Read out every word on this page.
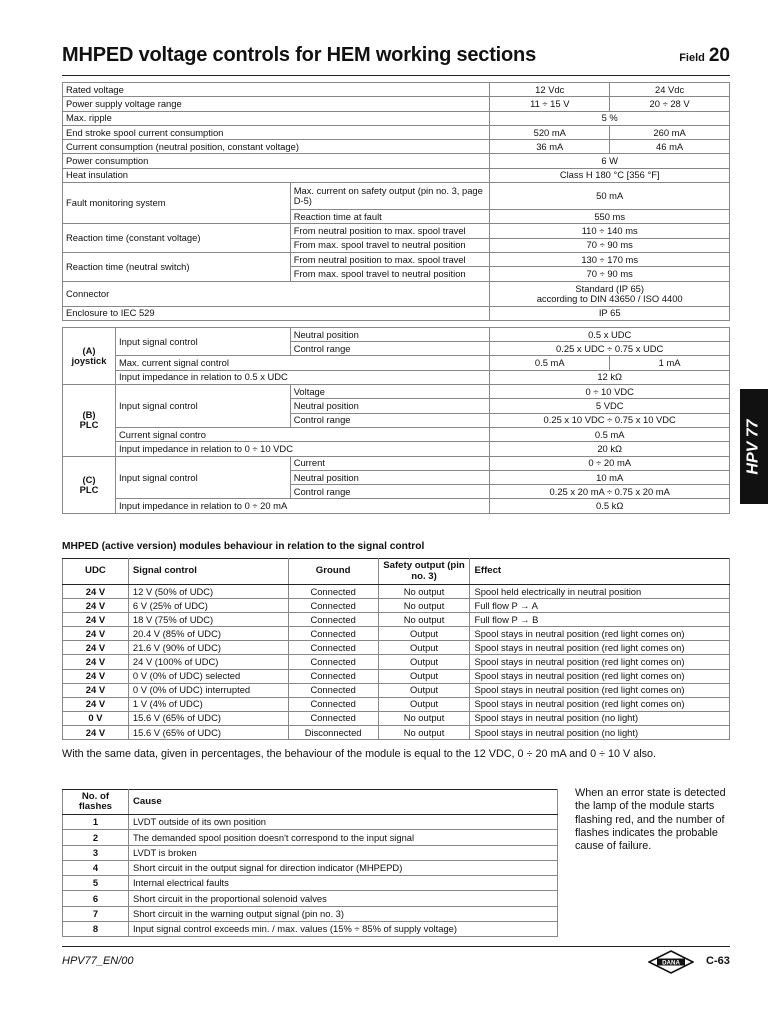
MHPED voltage controls for HEM working sections	Field 20
Rated voltage			12 Vdc	24 Vdc
Power supply voltage range			11 ÷ 15 V	20 ÷ 28 V
Max. ripple			5 %	
End stroke spool current consumption			520 mA	260 mA
Current consumption (neutral position, constant voltage)			36 mA	46 mA
Power consumption			6 W	
Heat insulation			Class H 180 °C [356 °F]	
Fault monitoring system		Max. current on safety output (pin no. 3, page D-5)	50 mA	
		Reaction time at fault	550 ms	
Reaction time (constant voltage)		From neutral position to max. spool travel	110 ÷ 140 ms	
		From max. spool travel to neutral position	70 ÷ 90 ms	
Reaction time (neutral switch)		From neutral position to max. spool travel	130 ÷ 170 ms	
		From max. spool travel to neutral position	70 ÷ 90 ms	
Connector			Standard (IP 65)
according to DIN 43650 / ISO 4400	

Enclosure to IEC 529			IP 65	

(A)
joystick	Input signal control	Neutral position	0.5 x UDC	
		Control range	0.25 x UDC ÷ 0.75 x UDC	
	Max. current signal control		0.5 mA	1 mA
	Input impedance in relation to 0.5 x UDC		12 kΩ	

(B)
PLC	Input signal control	Voltage	0 ÷ 10 VDC	
		Neutral position	5 VDC	
		Control range	0.25 x 10 VDC ÷ 0.75 x 10 VDC	
	Current signal contro		0.5 mA	
	Input impedance in relation to 0 ÷ 10 VDC		20 kΩ	

(C)
PLC	Input signal control	Current	0 ÷ 20 mA	
		Neutral position	10 mA	
		Control range	0.25 x 20 mA ÷ 0.75 x 20 mA	
	Input impedance in relation to 0 ÷ 20 mA		0.5 kΩ	
MHPED (active version) modules behaviour in relation to the signal control
UDC	Signal control	Ground	Safety output (pin no. 3)	Effect
24 V	12 V (50% of UDC)	Connected	No output	Spool held electrically in neutral position
24 V	6 V (25% of UDC)	Connected	No output	Full flow P → A
24 V	18 V (75% of UDC)	Connected	No output	Full flow P → B
24 V	20.4 V (85% of UDC)	Connected	Output	Spool stays in neutral position (red light comes on)
24 V	21.6 V (90% of UDC)	Connected	Output	Spool stays in neutral position (red light comes on)
24 V	24 V (100% of UDC)	Connected	Output	Spool stays in neutral position (red light comes on)
24 V	0 V (0% of UDC) selected	Connected	Output	Spool stays in neutral position (red light comes on)
24 V	0 V (0% of UDC) interrupted	Connected	Output	Spool stays in neutral position (red light comes on)
24 V	1 V (4% of UDC)	Connected	Output	Spool stays in neutral position (red light comes on)
0 V	15.6 V (65% of UDC)	Connected	No output	Spool stays in neutral position (no light)
24 V	15.6 V (65% of UDC)	Disconnected	No output	Spool stays in neutral position (no light)
With the same data, given in percentages, the behaviour of the module is equal to the 12 VDC, 0 ÷ 20 mA and 0 ÷ 10 V also.
No. of flashes	Cause
1	LVDT outside of its own position
2	The demanded spool position doesn't correspond to the input signal
3	LVDT is broken
4	Short circuit in the output signal for direction indicator (MHPEPD)
5	Internal electrical faults
6	Short circuit in the proportional solenoid valves
7	Short circuit in the warning output signal (pin no. 3)
8	Input signal control exceeds min. / max. values (15% ÷ 85% of supply voltage)
When an error state is detected the lamp of the module starts flashing red, and the number of flashes indicates the probable cause of failure.
HPV 77
HPV77_EN/00	DANA C-63
